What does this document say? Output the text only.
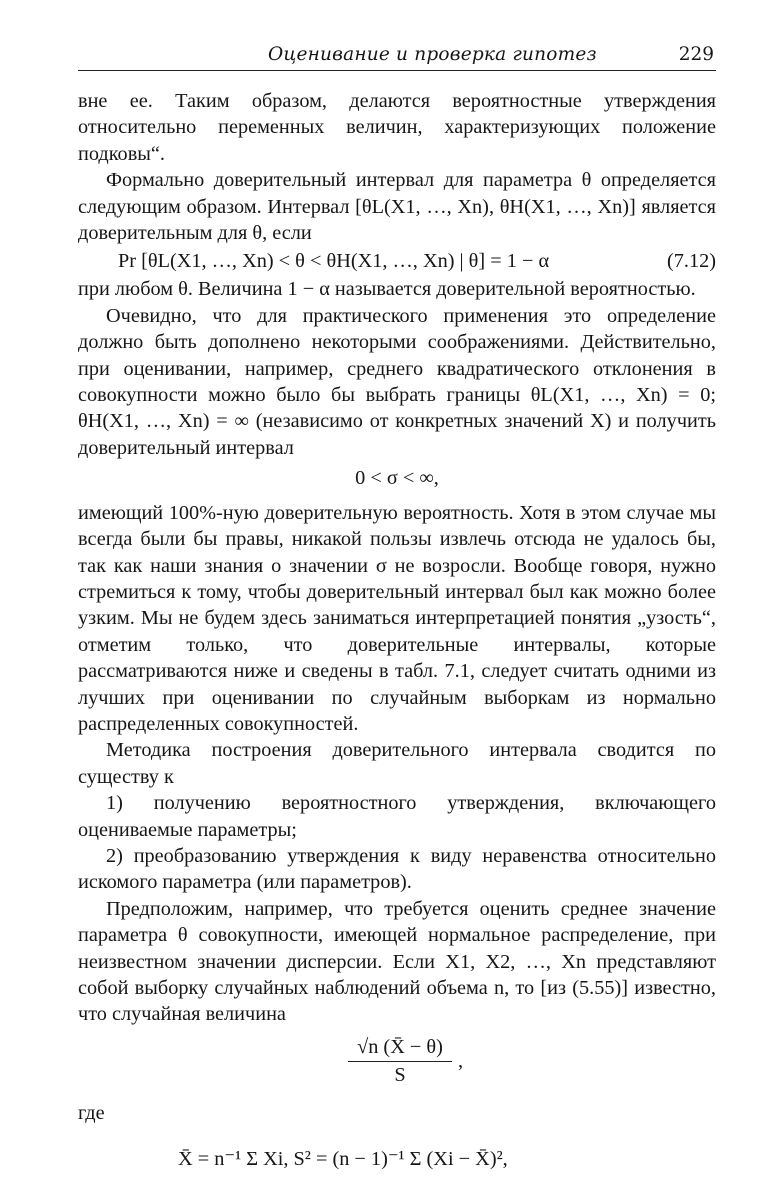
Оценивание и проверка гипотез	229

вне ее. Таким образом, делаются вероятностные утверждения относительно переменных величин, характеризующих положение подковы“.

Формально доверительный интервал для параметра θ определяется следующим образом. Интервал [θL(X1, …, Xn), θH(X1, …, Xn)] является доверительным для θ, если

Pr [θL(X1, …, Xn) < θ < θH(X1, …, Xn) | θ] = 1 − α	(7.12)

при любом θ. Величина 1 − α называется доверительной вероятностью.

Очевидно, что для практического применения это определение должно быть дополнено некоторыми соображениями. Действительно, при оценивании, например, среднего квадратического отклонения в совокупности можно было бы выбрать границы θL(X1, …, Xn) = 0; θH(X1, …, Xn) = ∞ (независимо от конкретных значений X) и получить доверительный интервал

0 < σ < ∞,

имеющий 100%-ную доверительную вероятность. Хотя в этом случае мы всегда были бы правы, никакой пользы извлечь отсюда не удалось бы, так как наши знания о значении σ не возросли. Вообще говоря, нужно стремиться к тому, чтобы доверительный интервал был как можно более узким. Мы не будем здесь заниматься интерпретацией понятия „узость“, отметим только, что доверительные интервалы, которые рассматриваются ниже и сведены в табл. 7.1, следует считать одними из лучших при оценивании по случайным выборкам из нормально распределенных совокупностей.

Методика построения доверительного интервала сводится по существу к

1) получению вероятностного утверждения, включающего оцениваемые параметры;

2) преобразованию утверждения к виду неравенства относительно искомого параметра (или параметров).

Предположим, например, что требуется оценить среднее значение параметра θ совокупности, имеющей нормальное распределение, при неизвестном значении дисперсии. Если X1, X2, …, Xn представляют собой выборку случайных наблюдений объема n, то [из (5.55)] известно, что случайная величина

$\frac{√n (X̄ - \theta)}{S}$ ,

где

X̄ = n⁻¹ Σ Xi, S² = (n − 1)⁻¹ Σ (Xi − X̄)²,
